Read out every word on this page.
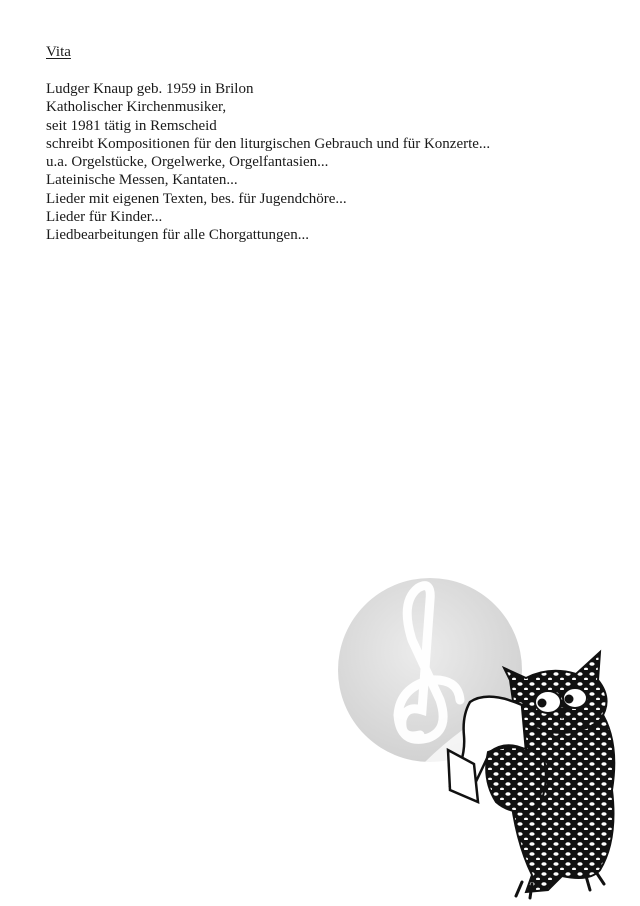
Vita
Ludger Knaup geb. 1959 in Brilon
Katholischer Kirchenmusiker,
seit 1981 tätig in Remscheid
schreibt Kompositionen für den liturgischen Gebrauch und für Konzerte...
u.a. Orgelstücke, Orgelwerke, Orgelfantasien...
Lateinische Messen, Kantaten...
Lieder mit eigenen Texten, bes. für Jugendchöre...
Lieder für Kinder...
Liedbearbeitungen für alle Chorgattungen...
